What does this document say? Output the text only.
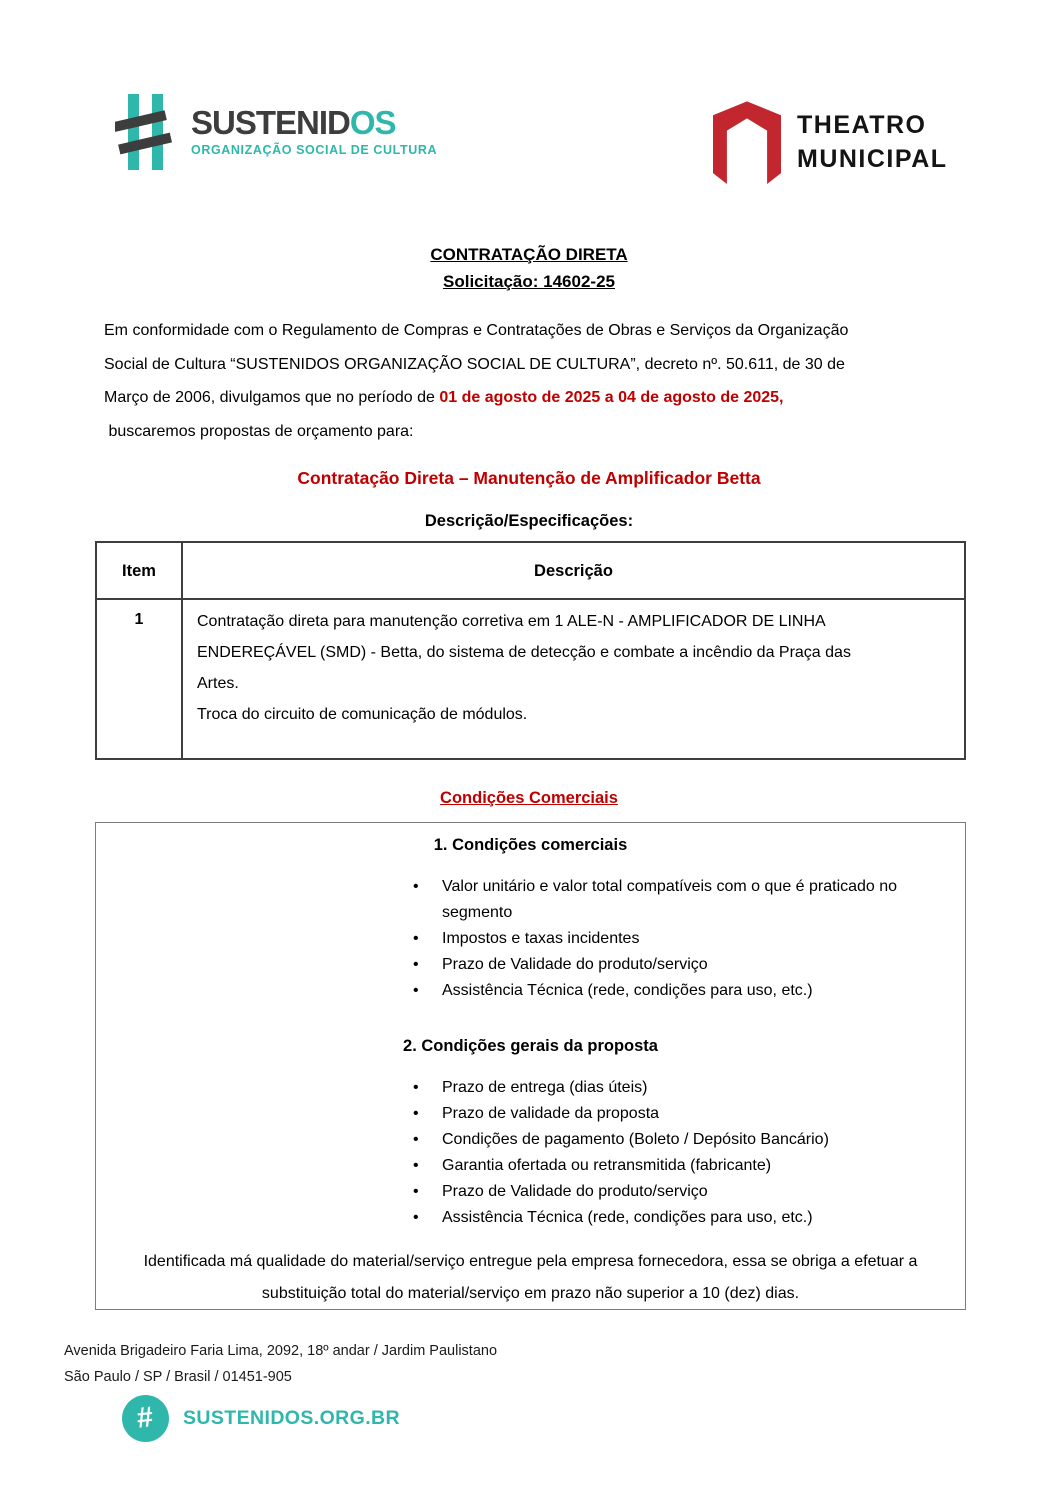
SUSTENIDOS
ORGANIZAÇÃO SOCIAL DE CULTURA
THEATRO
MUNICIPAL
CONTRATAÇÃO DIRETA
Solicitação: 14602-25
Em conformidade com o Regulamento de Compras e Contratações de Obras e Serviços da Organização
Social de Cultura “SUSTENIDOS ORGANIZAÇÃO SOCIAL DE CULTURA”, decreto nº. 50.611, de 30 de
Março de 2006, divulgamos que no período de 01 de agosto de 2025 a 04 de agosto de 2025,
buscaremos propostas de orçamento para:
Contratação Direta – Manutenção de Amplificador Betta
Descrição/Especificações:
Item	Descrição
1	Contratação direta para manutenção corretiva em 1 ALE-N - AMPLIFICADOR DE LINHA
ENDEREÇÁVEL (SMD) - Betta, do sistema de detecção e combate a incêndio da Praça das
Artes.
Troca do circuito de comunicação de módulos.
Condições Comerciais
1. Condições comerciais
• Valor unitário e valor total compatíveis com o que é praticado no segmento
• Impostos e taxas incidentes
• Prazo de Validade do produto/serviço
• Assistência Técnica (rede, condições para uso, etc.)
2. Condições gerais da proposta
• Prazo de entrega (dias úteis)
• Prazo de validade da proposta
• Condições de pagamento (Boleto / Depósito Bancário)
• Garantia ofertada ou retransmitida (fabricante)
• Prazo de Validade do produto/serviço
• Assistência Técnica (rede, condições para uso, etc.)
Identificada má qualidade do material/serviço entregue pela empresa fornecedora, essa se obriga a efetuar a substituição total do material/serviço em prazo não superior a 10 (dez) dias.
Avenida Brigadeiro Faria Lima, 2092, 18º andar / Jardim Paulistano
São Paulo / SP / Brasil / 01451-905
# SUSTENIDOS.ORG.BR
